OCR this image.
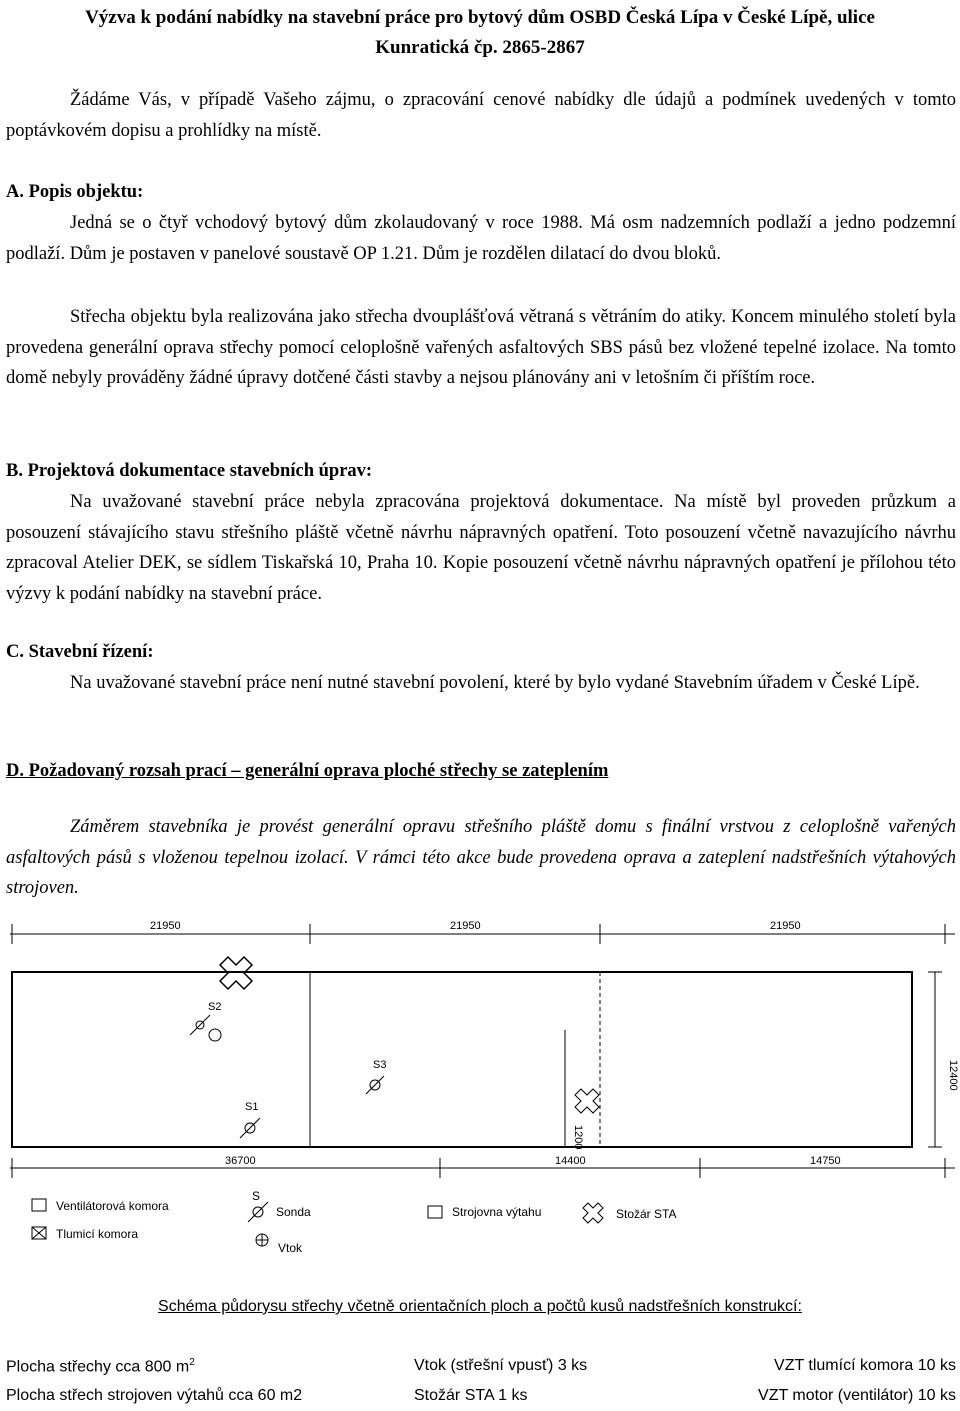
Výzva k podání nabídky na stavební práce pro bytový dům OSBD Česká Lípa v České Lípě, ulice
Kunratická čp. 2865-2867
Žádáme Vás, v případě Vašeho zájmu, o zpracování cenové nabídky dle údajů a podmínek uvedených v tomto poptávkovém dopisu a prohlídky na místě.
A. Popis objektu:
Jedná se o čtyř vchodový bytový dům zkolaudovaný v roce 1988. Má osm nadzemních podlaží a jedno podzemní podlaží. Dům je postaven v panelové soustavě OP 1.21. Dům je rozdělen dilatací do dvou bloků.
Střecha objektu byla realizována jako střecha dvouplášťová větraná s větráním do atiky. Koncem minulého století byla provedena generální oprava střechy pomocí celoplošně vařených asfaltových SBS pásů bez vložené tepelné izolace. Na tomto domě nebyly prováděny žádné úpravy dotčené části stavby a nejsou plánovány ani v letošním či příštím roce.
B. Projektová dokumentace stavebních úprav:
Na uvažované stavební práce nebyla zpracována projektová dokumentace. Na místě byl proveden průzkum a posouzení stávajícího stavu střešního pláště včetně návrhu nápravných opatření. Toto posouzení včetně navazujícího návrhu zpracoval Atelier DEK, se sídlem Tiskařská 10, Praha 10. Kopie posouzení včetně návrhu nápravných opatření je přílohou této výzvy k podání nabídky na stavební práce.
C. Stavební řízení:
Na uvažované stavební práce není nutné stavební povolení, které by bylo vydané Stavebním úřadem v České Lípě.
D. Požadovaný rozsah prací – generální oprava ploché střechy se zateplením
Záměrem stavebníka je provést generální opravu střešního pláště domu s finální vrstvou z celoplošně vařených asfaltových pásů s vloženou tepelnou izolací. V rámci této akce bude provedena oprava a zateplení nadstřešních výtahových strojoven.
21950	21950	21950
S2
S3
S1
12400
1200
36700	14400	14750
S
Ventilátorová komora	Sonda	Strojovna výtahu	Stožár STA
Tlumicí komora
Vtok
Schéma půdorysu střechy včetně orientačních ploch a počtů kusů nadstřešních konstrukcí:
Plocha střechy cca 800 $m^2$	Vtok (střešní vpusť) 3 ks	VZT tlumící komora 10 ks
Plocha střech strojoven výtahů cca 60 m2	Stožár STA 1 ks	VZT motor (ventilátor) 10 ks
